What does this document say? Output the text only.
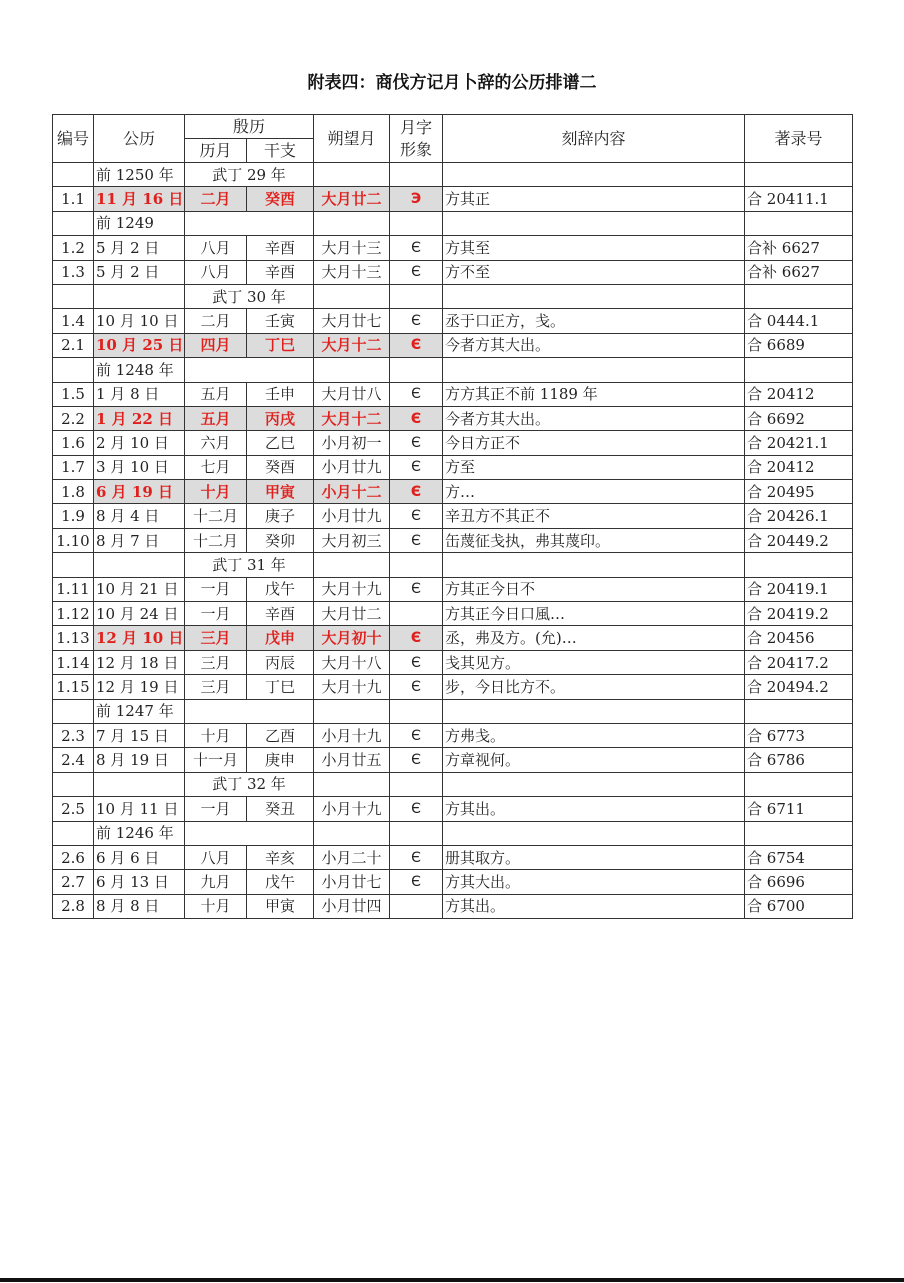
附表四：商伐方记月卜辞的公历排谱二
编号	公历	殷历		朔望月	月字
形象	刻辞内容	著录号
		历月	干支				
	前 1250 年	武丁 29 年					
1.1	11 月 16 日	二月	癸酉	大月廿二	Э	方其正	合 20411.1
	前 1249						
1.2	5 月 2 日	八月	辛酉	大月十三	Є	方其至	合补 6627
1.3	5 月 2 日	八月	辛酉	大月十三	Є	方不至	合补 6627
		武丁 30 年					
1.4	10 月 10 日	二月	壬寅	大月廿七	Є	丞于口正方，戋。	合 0444.1
2.1	10 月 25 日	四月	丁巳	大月十二	Є	今者方其大出。	合 6689
	前 1248 年						
1.5	1 月 8 日	五月	壬申	大月廿八	Є	方方其正不前 1189 年	合 20412
2.2	1 月 22 日	五月	丙戌	大月十二	Є	今者方其大出。	合 6692
1.6	2 月 10 日	六月	乙巳	小月初一	Є	今日方正不	合 20421.1
1.7	3 月 10 日	七月	癸酉	小月廿九	Є	方至	合 20412
1.8	6 月 19 日	十月	甲寅	小月十二	Є	方…	合 20495
1.9	8 月 4 日	十二月	庚子	小月廿九	Є	辛丑方不其正不	合 20426.1
1.10	8 月 7 日	十二月	癸卯	大月初三	Є	缶蔑征戋执，弗其蔑印。	合 20449.2
		武丁 31 年					
1.11	10 月 21 日	一月	戊午	大月十九	Є	方其正今日不	合 20419.1
1.12	10 月 24 日	一月	辛酉	大月廿二		方其正今日口風…	合 20419.2
1.13	12 月 10 日	三月	戊申	大月初十	Є	丞，弗及方。(允)…	合 20456
1.14	12 月 18 日	三月	丙辰	大月十八	Є	戋其见方。	合 20417.2
1.15	12 月 19 日	三月	丁巳	大月十九	Є	步，今日比方不。	合 20494.2
	前 1247 年						
2.3	7 月 15 日	十月	乙酉	小月十九	Є	方弗戋。	合 6773
2.4	8 月 19 日	十一月	庚申	小月廿五	Є	方章视何。	合 6786
		武丁 32 年					
2.5	10 月 11 日	一月	癸丑	小月十九	Є	方其出。	合 6711
	前 1246 年						
2.6	6 月 6 日	八月	辛亥	小月二十	Є	册其取方。	合 6754
2.7	6 月 13 日	九月	戊午	小月廿七	Є	方其大出。	合 6696
2.8	8 月 8 日	十月	甲寅	小月廿四		方其出。	合 6700
